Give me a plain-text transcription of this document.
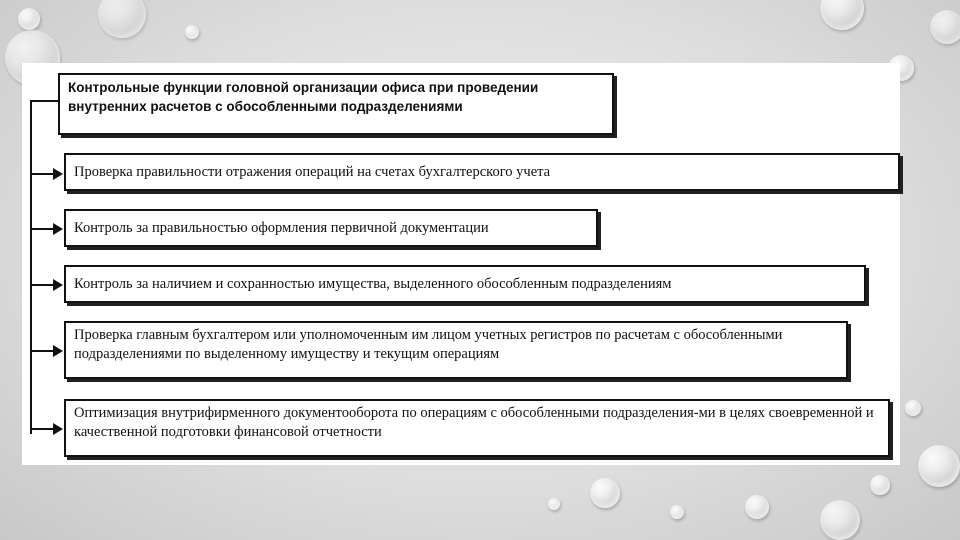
Контрольные функции головной организации офиса при проведении внутренних расчетов с обособленными подразделениями
Проверка правильности отражения операций на счетах бухгалтерского учета
Контроль за правильностью оформления первичной документации
Контроль за наличием и сохранностью имущества, выделенного обособленным подразделениям
Проверка главным бухгалтером или уполномоченным им лицом учетных регистров по расчетам с обособленными подразделениями по выделенному имуществу и текущим операциям
Оптимизация внутрифирменного документооборота по операциям с обособленными подразделения-ми в целях своевременной и качественной подготовки финансовой отчетности
